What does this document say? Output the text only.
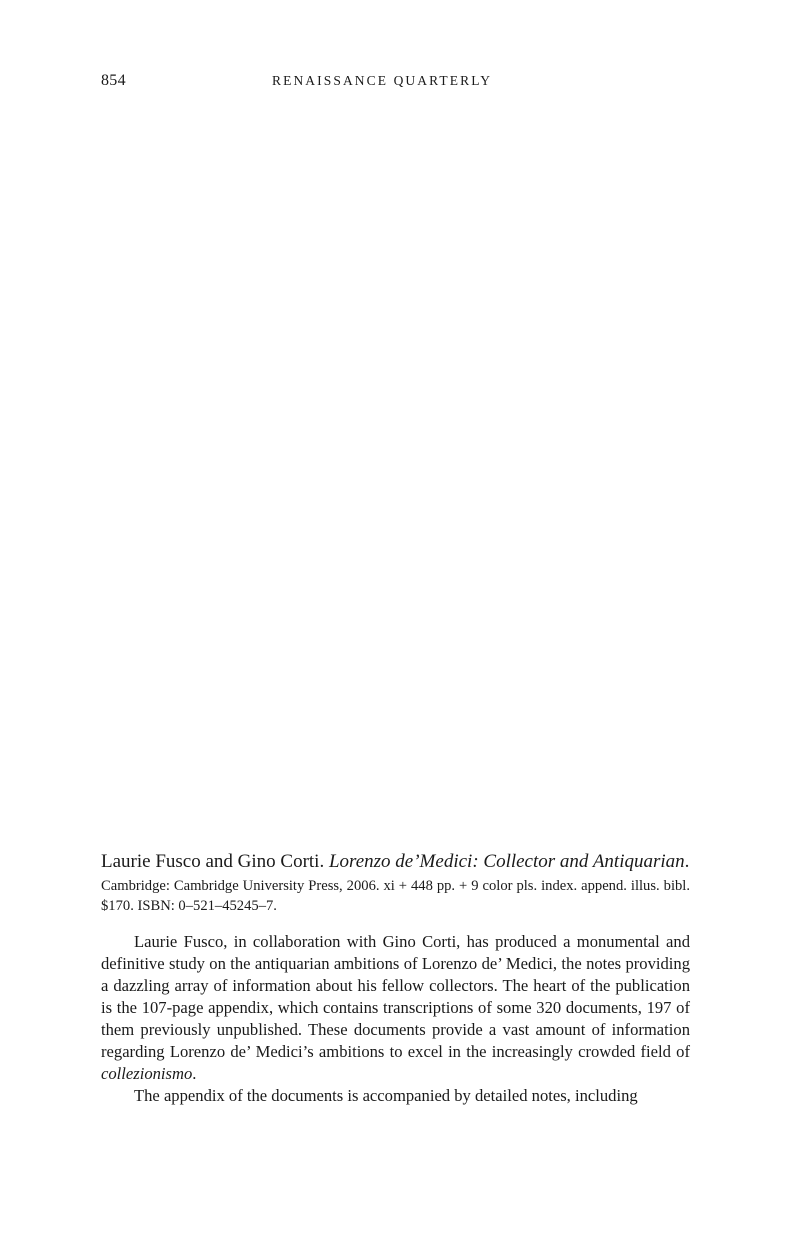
854	RENAISSANCE QUARTERLY

Laurie Fusco and Gino Corti. Lorenzo de’Medici: Collector and Antiquarian.

Cambridge: Cambridge University Press, 2006. xi + 448 pp. + 9 color pls. index. append. illus. bibl. $170. ISBN: 0–521–45245–7.

Laurie Fusco, in collaboration with Gino Corti, has produced a monumental and definitive study on the antiquarian ambitions of Lorenzo de’ Medici, the notes providing a dazzling array of information about his fellow collectors. The heart of the publication is the 107-page appendix, which contains transcriptions of some 320 documents, 197 of them previously unpublished. These documents provide a vast amount of information regarding Lorenzo de’ Medici’s ambitions to excel in the increasingly crowded field of collezionismo.

The appendix of the documents is accompanied by detailed notes, including
